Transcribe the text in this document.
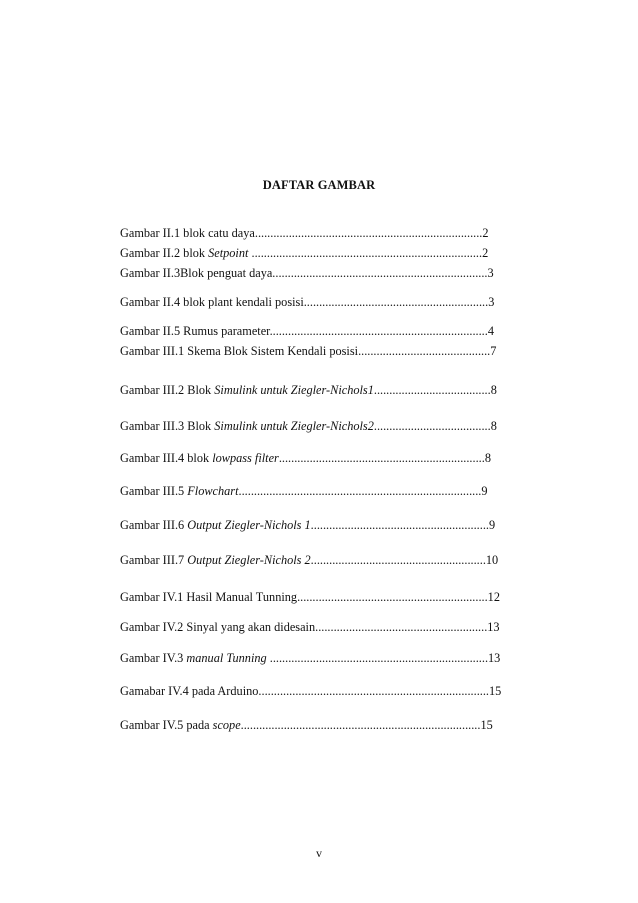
DAFTAR GAMBAR
Gambar II.1 blok catu daya..........................................................................2
Gambar II.2 blok Setpoint ...........................................................................2
Gambar II.3Blok penguat daya......................................................................3
Gambar II.4 blok plant kendali posisi............................................................3
Gambar II.5 Rumus parameter.......................................................................4
Gambar III.1 Skema Blok Sistem Kendali posisi...........................................7
Gambar III.2 Blok Simulink untuk Ziegler-Nichols1......................................8
Gambar III.3 Blok Simulink untuk Ziegler-Nichols2......................................8
Gambar III.4 blok lowpass filter...................................................................8
Gambar III.5 Flowchart...............................................................................9
Gambar III.6 Output Ziegler-Nichols 1..........................................................9
Gambar III.7 Output Ziegler-Nichols 2.........................................................10
Gambar IV.1 Hasil Manual Tunning..............................................................12
Gambar IV.2 Sinyal yang akan didesain........................................................13
Gambar IV.3 manual Tunning .......................................................................13
Gamabar IV.4 pada Arduino...........................................................................15
Gambar IV.5 pada scope..............................................................................15
v
